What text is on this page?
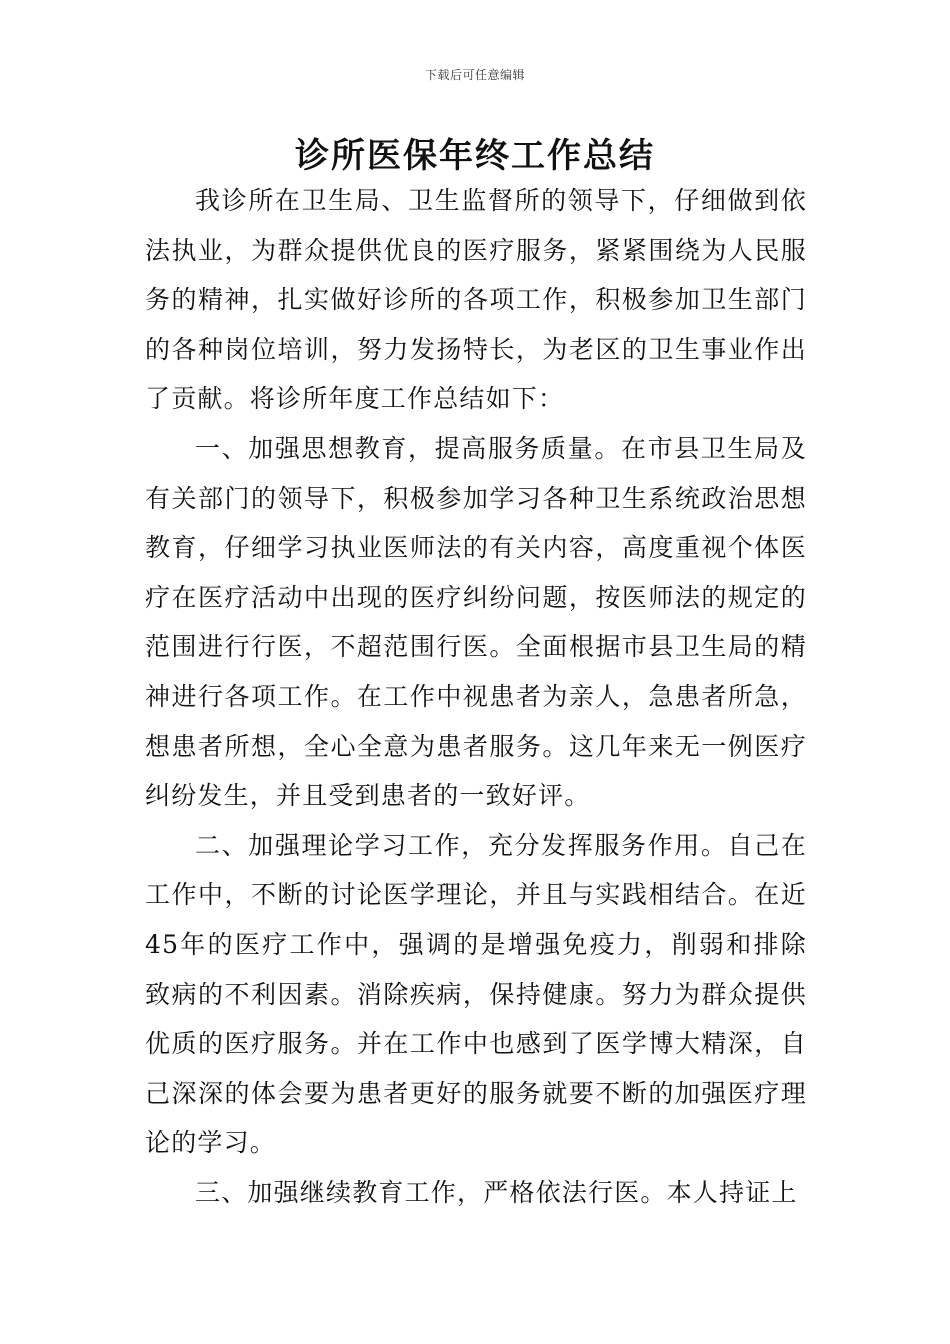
下载后可任意编辑
诊所医保年终工作总结

我诊所在卫生局、卫生监督所的领导下，仔细做到依法执业，为群众提供优良的医疗服务，紧紧围绕为人民服务的精神，扎实做好诊所的各项工作，积极参加卫生部门的各种岗位培训，努力发扬特长，为老区的卫生事业作出了贡献。将诊所年度工作总结如下：

一、加强思想教育，提高服务质量。在市县卫生局及有关部门的领导下，积极参加学习各种卫生系统政治思想教育，仔细学习执业医师法的有关内容，高度重视个体医疗在医疗活动中出现的医疗纠纷问题，按医师法的规定的范围进行行医，不超范围行医。全面根据市县卫生局的精神进行各项工作。在工作中视患者为亲人，急患者所急，想患者所想，全心全意为患者服务。这几年来无一例医疗纠纷发生，并且受到患者的一致好评。

二、加强理论学习工作，充分发挥服务作用。自己在工作中，不断的讨论医学理论，并且与实践相结合。在近45年的医疗工作中，强调的是增强免疫力，削弱和排除致病的不利因素。消除疾病，保持健康。努力为群众提供优质的医疗服务。并在工作中也感到了医学博大精深，自己深深的体会要为患者更好的服务就要不断的加强医疗理论的学习。

三、加强继续教育工作，严格依法行医。本人持证上
